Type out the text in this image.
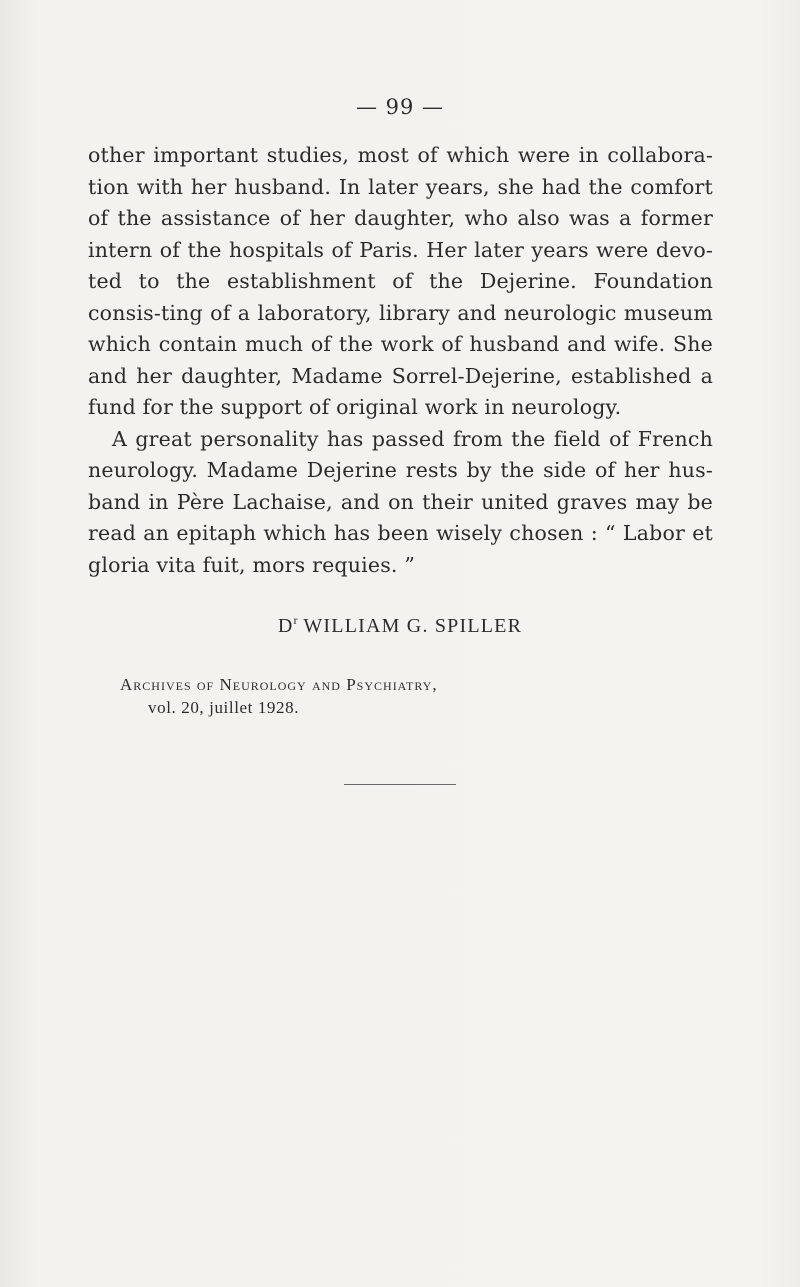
— 99 —

other important studies, most of which were in collabora-tion with her husband. In later years, she had the comfort of the assistance of her daughter, who also was a former intern of the hospitals of Paris. Her later years were devo-ted to the establishment of the Dejerine. Foundation consis-ting of a laboratory, library and neurologic museum which contain much of the work of husband and wife. She and her daughter, Madame Sorrel-Dejerine, established a fund for the support of original work in neurology.

A great personality has passed from the field of French neurology. Madame Dejerine rests by the side of her hus-band in Père Lachaise, and on their united graves may be read an epitaph which has been wisely chosen : “ Labor et gloria vita fuit, mors requies. ”

$D^r$ WILLIAM G. SPILLER
Archives of Neurology and Psychiatry,
vol. 20, juillet 1928.
